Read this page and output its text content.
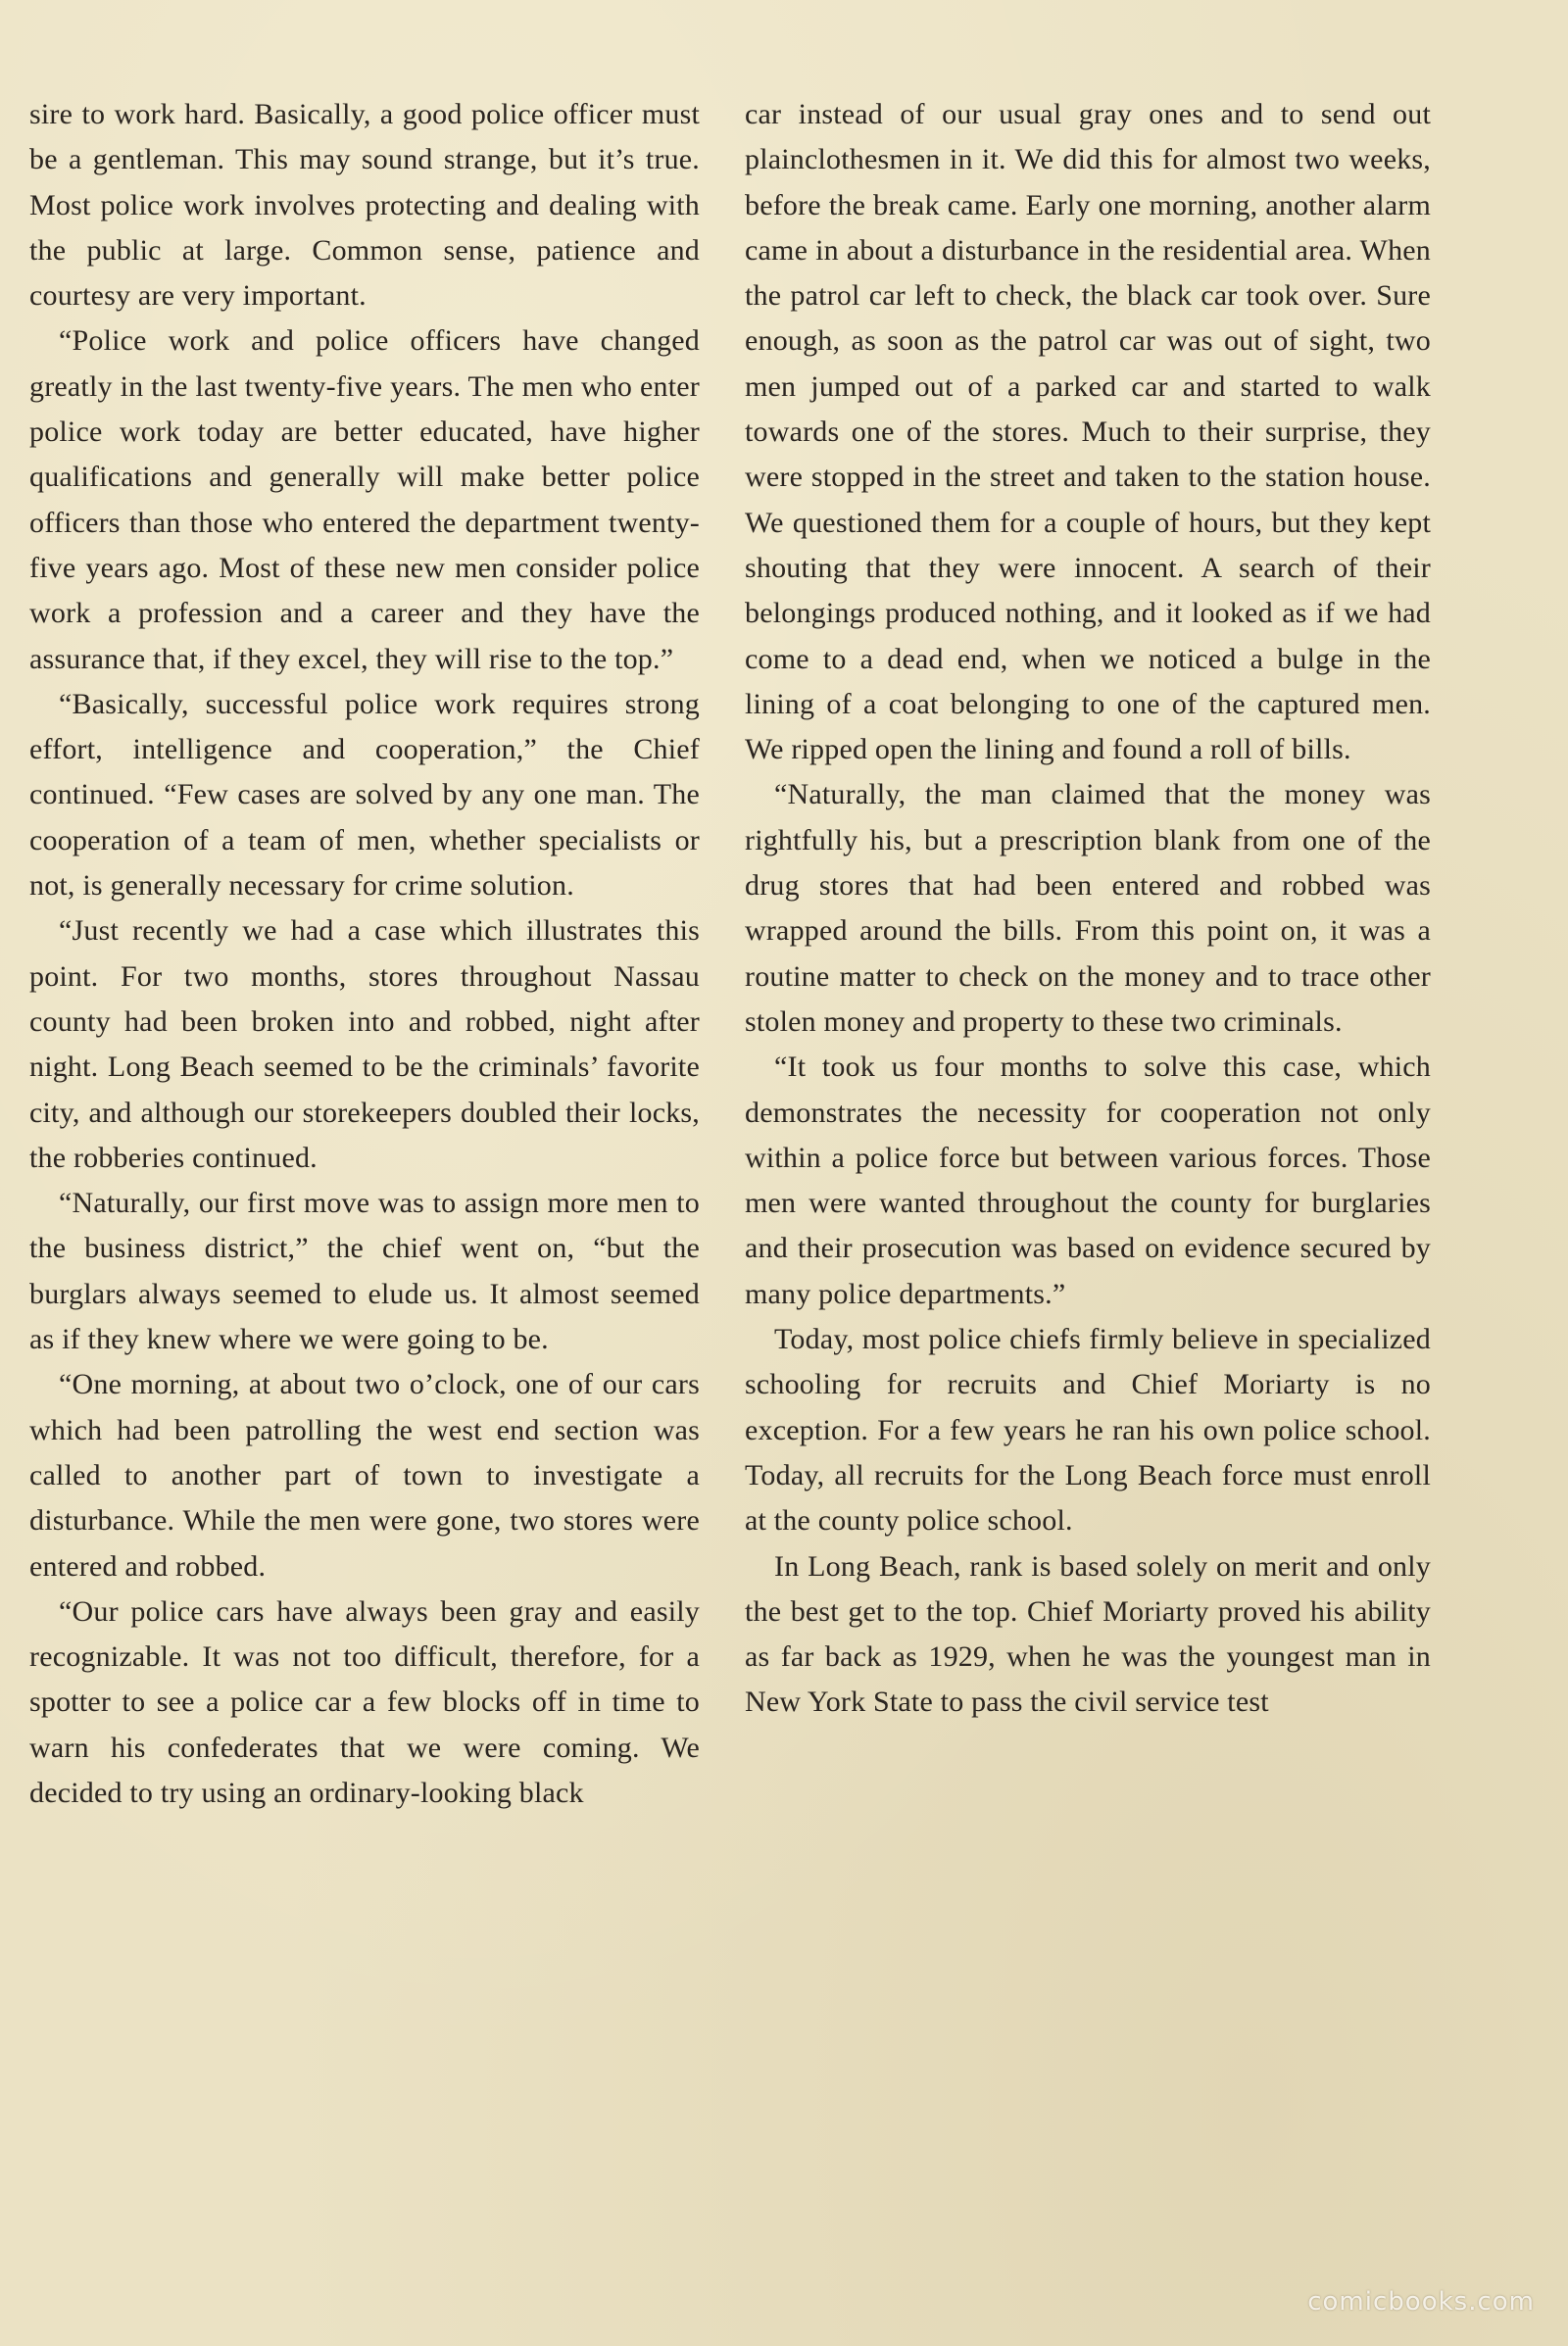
sire to work hard. Basically, a good police officer must be a gentleman. This may sound strange, but it’s true. Most police work involves protecting and dealing with the public at large. Common sense, patience and courtesy are very important.

“Police work and police officers have changed greatly in the last twenty-five years. The men who enter police work today are better educated, have higher qualifications and generally will make better police officers than those who entered the department twenty-five years ago. Most of these new men consider police work a profession and a career and they have the assurance that, if they excel, they will rise to the top.”

“Basically, successful police work requires strong effort, intelligence and cooperation,” the Chief continued. “Few cases are solved by any one man. The cooperation of a team of men, whether specialists or not, is generally necessary for crime solution.

“Just recently we had a case which illustrates this point. For two months, stores throughout Nassau county had been broken into and robbed, night after night. Long Beach seemed to be the criminals’ favorite city, and although our storekeepers doubled their locks, the robberies continued.

“Naturally, our first move was to assign more men to the business district,” the chief went on, “but the burglars always seemed to elude us. It almost seemed as if they knew where we were going to be.

“One morning, at about two o’clock, one of our cars which had been patrolling the west end section was called to another part of town to investigate a disturbance. While the men were gone, two stores were entered and robbed.

“Our police cars have always been gray and easily recognizable. It was not too difficult, therefore, for a spotter to see a police car a few blocks off in time to warn his confederates that we were coming. We decided to try using an ordinary-looking black

car instead of our usual gray ones and to send out plainclothesmen in it. We did this for almost two weeks, before the break came. Early one morning, another alarm came in about a disturbance in the residential area. When the patrol car left to check, the black car took over. Sure enough, as soon as the patrol car was out of sight, two men jumped out of a parked car and started to walk towards one of the stores. Much to their surprise, they were stopped in the street and taken to the station house. We questioned them for a couple of hours, but they kept shouting that they were innocent. A search of their belongings produced nothing, and it looked as if we had come to a dead end, when we noticed a bulge in the lining of a coat belonging to one of the captured men. We ripped open the lining and found a roll of bills.

“Naturally, the man claimed that the money was rightfully his, but a prescription blank from one of the drug stores that had been entered and robbed was wrapped around the bills. From this point on, it was a routine matter to check on the money and to trace other stolen money and property to these two criminals.

“It took us four months to solve this case, which demonstrates the necessity for cooperation not only within a police force but between various forces. Those men were wanted throughout the county for burglaries and their prosecution was based on evidence secured by many police departments.”

Today, most police chiefs firmly believe in specialized schooling for recruits and Chief Moriarty is no exception. For a few years he ran his own police school. Today, all recruits for the Long Beach force must enroll at the county police school.

In Long Beach, rank is based solely on merit and only the best get to the top. Chief Moriarty proved his ability as far back as 1929, when he was the youngest man in New York State to pass the civil service test

comicbooks.com
